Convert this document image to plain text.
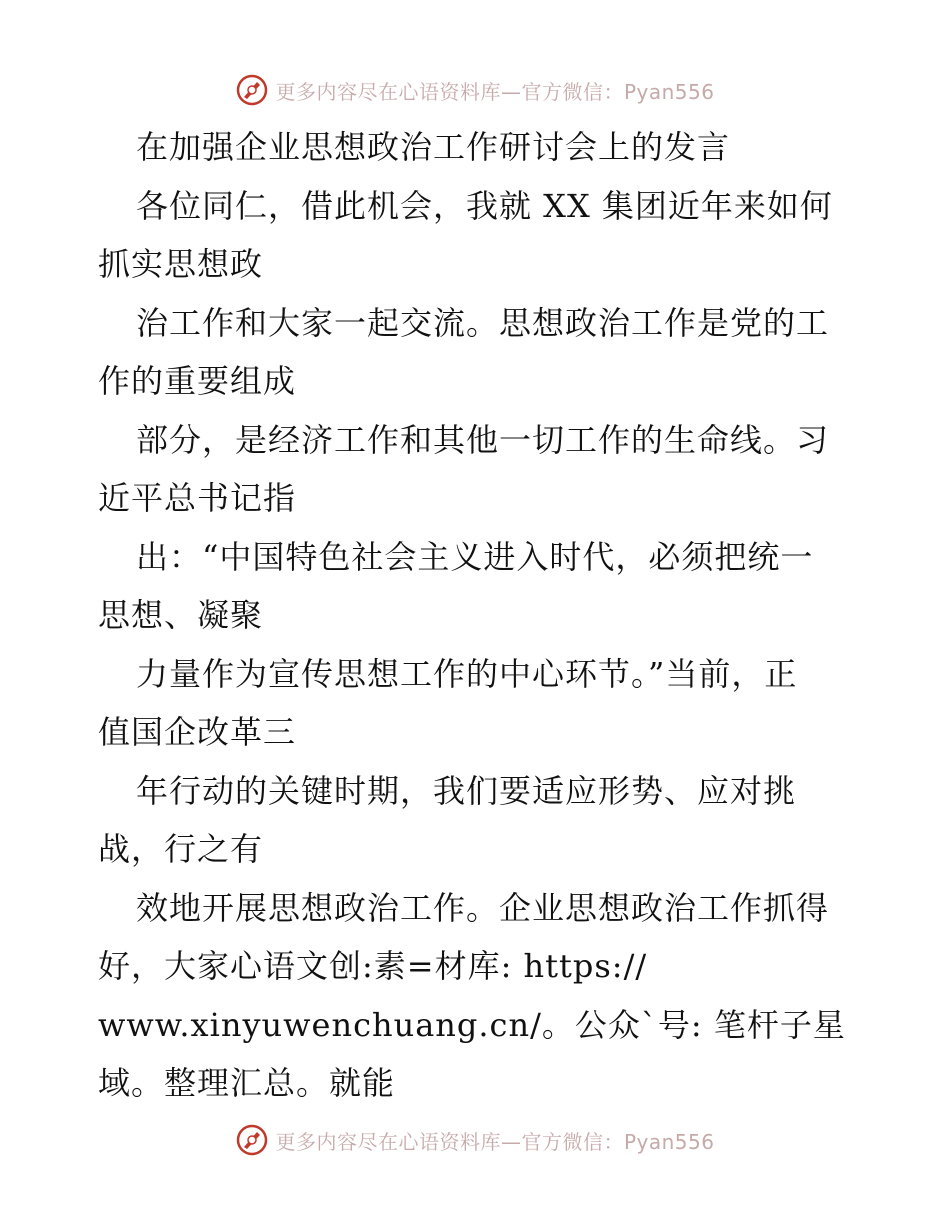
更多内容尽在心语资料库—官方微信：Pyan556
在加强企业思想政治工作研讨会上的发言
各位同仁，借此机会，我就 XX 集团近年来如何
抓实思想政
治工作和大家一起交流。思想政治工作是党的工
作的重要组成
部分，是经济工作和其他一切工作的生命线。习
近平总书记指
出：“中国特色社会主义进入时代，必须把统一
思想、凝聚
力量作为宣传思想工作的中心环节。”当前，正
值国企改革三
年行动的关键时期，我们要适应形势、应对挑
战，行之有
效地开展思想政治工作。企业思想政治工作抓得
好，大家心语文创:素=材库: https://
www.xinyuwenchuang.cn/。公众`号: 笔杆子星
域。整理汇总。就能
更多内容尽在心语资料库—官方微信：Pyan556
